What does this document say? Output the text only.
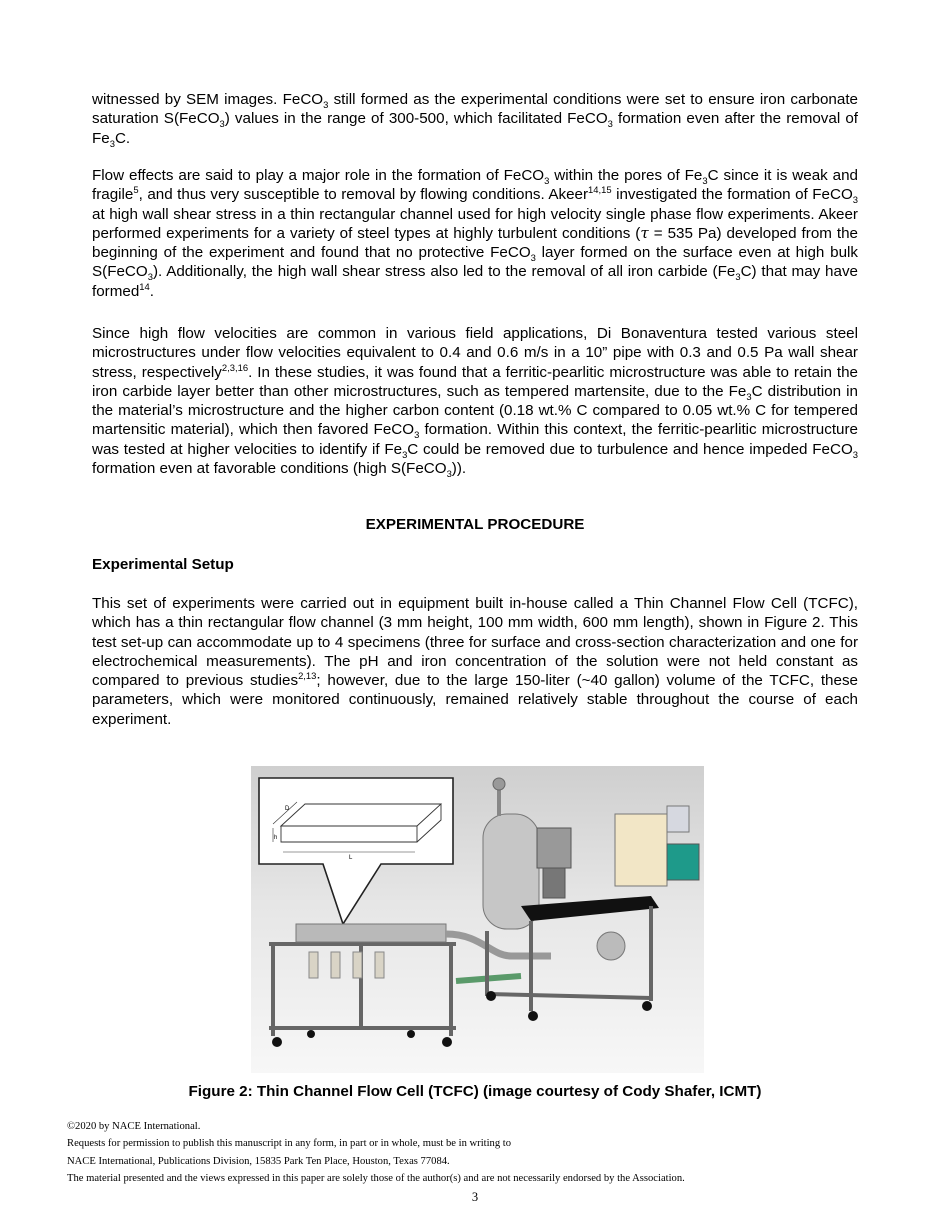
witnessed by SEM images. FeCO$_3$ still formed as the experimental conditions were set to ensure iron carbonate saturation S(FeCO$_3$) values in the range of 300-500, which facilitated FeCO$_3$ formation even after the removal of $Fe_3C$.

Flow effects are said to play a major role in the formation of FeCO$_3$ within the pores of $Fe_3C$ since it is weak and fragile$^5$, and thus very susceptible to removal by flowing conditions. Akeer$^{14,15}$ investigated the formation of FeCO$_3$ at high wall shear stress in a thin rectangular channel used for high velocity single phase flow experiments. Akeer performed experiments for a variety of steel types at highly turbulent conditions (τ = 535 Pa) developed from the beginning of the experiment and found that no protective FeCO$_3$ layer formed on the surface even at high bulk S(FeCO$_3$). Additionally, the high wall shear stress also led to the removal of all iron carbide $(Fe_3C)$ that may have formed$^{14}$.

Since high flow velocities are common in various field applications, Di Bonaventura tested various steel microstructures under flow velocities equivalent to 0.4 and 0.6 m/s in a 10” pipe with 0.3 and 0.5 Pa wall shear stress, respectively$^{2,3,16}$. In these studies, it was found that a ferritic-pearlitic microstructure was able to retain the iron carbide layer better than other microstructures, such as tempered martensite, due to the $Fe_3C$ distribution in the material’s microstructure and the higher carbon content (0.18 wt.% C compared to 0.05 wt.% C for tempered martensitic material), which then favored FeCO$_3$ formation. Within this context, the ferritic-pearlitic microstructure was tested at higher velocities to identify if $Fe_3C$ could be removed due to turbulence and hence impeded FeCO$_3$ formation even at favorable conditions (high S(FeCO$_3$)).

EXPERIMENTAL PROCEDURE

Experimental Setup

This set of experiments were carried out in equipment built in-house called a Thin Channel Flow Cell (TCFC), which has a thin rectangular flow channel (3 mm height, 100 mm width, 600 mm length), shown in Figure 2. This test set-up can accommodate up to 4 specimens (three for surface and cross-section characterization and one for electrochemical measurements). The pH and iron concentration of the solution were not held constant as compared to previous studies$^{2,13}$; however, due to the large 150-liter (~40 gallon) volume of the TCFC, these parameters, which were monitored continuously, remained relatively stable throughout the course of each experiment.

D
h
L

Figure 2: Thin Channel Flow Cell (TCFC) (image courtesy of Cody Shafer, ICMT)

©2020 by NACE International.
Requests for permission to publish this manuscript in any form, in part or in whole, must be in writing to
NACE International, Publications Division, 15835 Park Ten Place, Houston, Texas 77084.
The material presented and the views expressed in this paper are solely those of the author(s) and are not necessarily endorsed by the Association.
3
